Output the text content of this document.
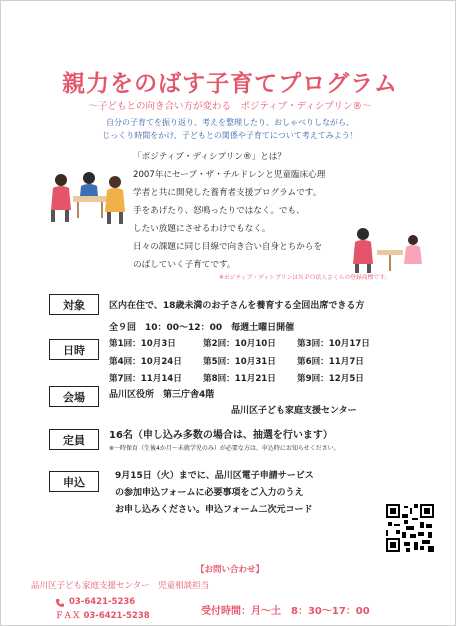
親力をのばす子育てプログラム
～子どもとの向き合い方が変わる　ポジティブ・ディシプリン®～
自分の子育てを振り返り、考えを整理したり、おしゃべりしながら、
じっくり時間をかけ、子どもとの関係や子育てについて考えてみよう！

「ポジティブ・ディシプリン®」とは？

2007年にセーブ・ザ・チルドレンと児童臨床心理

学者と共に開発した養育者支援プログラムです。

手をあげたり、怒鳴ったりではなく。でも、

したい放題にさせるわけでもなく。

日々の課題に同じ目線で向き合い自身とちからを

のばしていく子育てです。

※ポジティブ・ディシプリンはＮＰＯ法人さくらの登録商標です。
対象	区内在住で、18歳未満のお子さんを養育する全回出席できる方
全９回　10：00～12：00　毎週土曜日開催
日時	第1回：10月3日	第2回：10月10日	第3回：10月17日
第4回：10月24日	第5回：10月31日	第6回：11月7日
第7回：11月14日	第8回：11月21日	第9回：12月5日
会場	品川区役所　第三庁舎4階
品川区子ども家庭支援センター
定員	16名（申し込み多数の場合は、抽選を行います）
※一時保育（生後4か月～未就学児のみ）が必要な方は、申込時にお知らせください。
申込	9月15日（火）までに、品川区電子申請サービス
の参加申込フォームに必要事項をご入力のうえ
お申し込みください。申込フォーム二次元コード
【お問い合わせ】
品川区子ども家庭支援センター　児童相談担当
03-6421-5236
ＦＡＸ 03-6421-5238	受付時間：月～土　8：30～17：00
